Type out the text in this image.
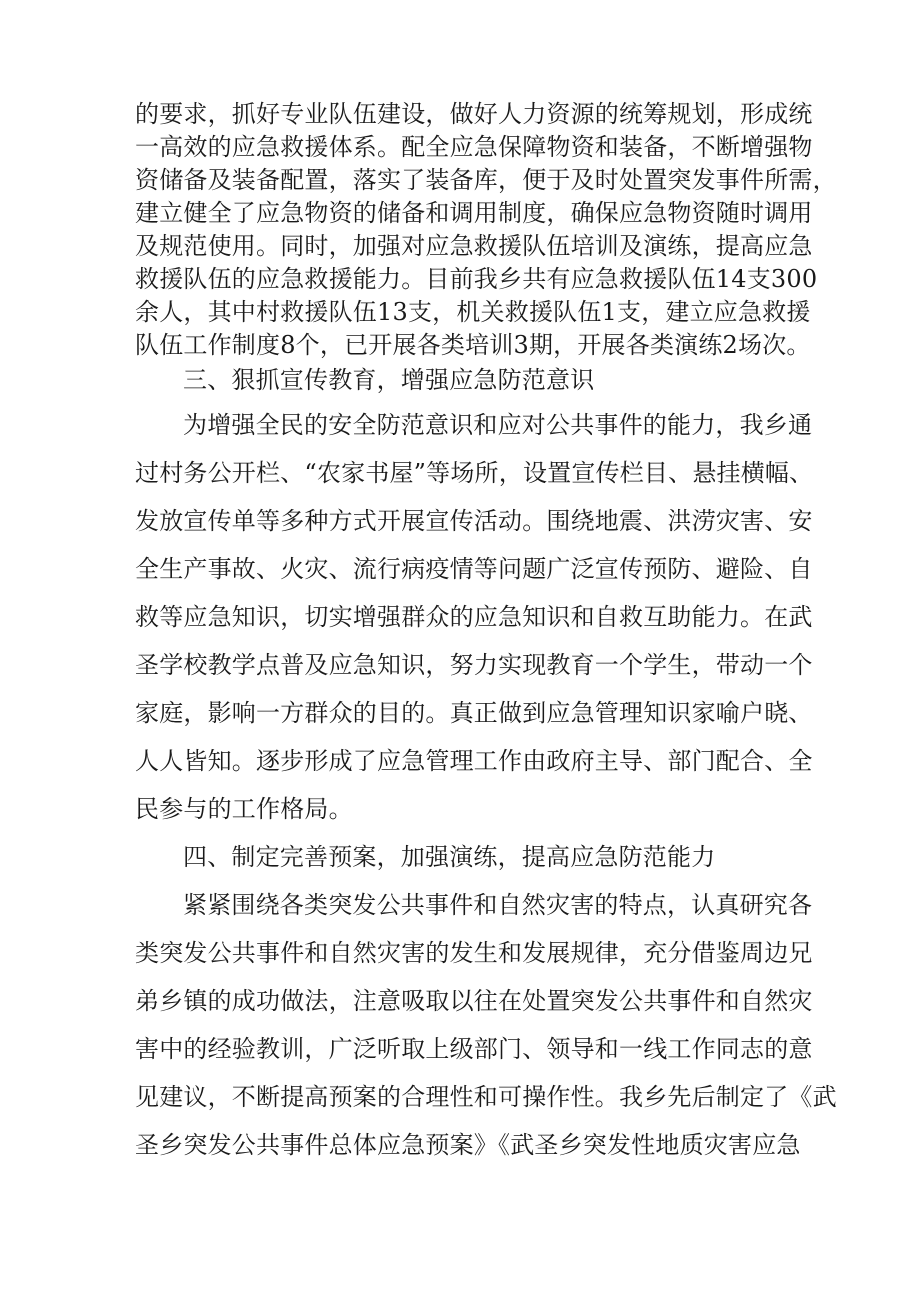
的要求，抓好专业队伍建设，做好人力资源的统筹规划，形成统

一高效的应急救援体系。配全应急保障物资和装备，不断增强物

资储备及装备配置，落实了装备库，便于及时处置突发事件所需，

建立健全了应急物资的储备和调用制度，确保应急物资随时调用

及规范使用。同时，加强对应急救援队伍培训及演练，提高应急

救援队伍的应急救援能力。目前我乡共有应急救援队伍14支300

余人，其中村救援队伍13支，机关救援队伍1支，建立应急救援

队伍工作制度8个，已开展各类培训3期，开展各类演练2场次。

三、狠抓宣传教育，增强应急防范意识

为增强全民的安全防范意识和应对公共事件的能力，我乡通

过村务公开栏、“农家书屋”等场所，设置宣传栏目、悬挂横幅、

发放宣传单等多种方式开展宣传活动。围绕地震、洪涝灾害、安

全生产事故、火灾、流行病疫情等问题广泛宣传预防、避险、自

救等应急知识，切实增强群众的应急知识和自救互助能力。在武

圣学校教学点普及应急知识，努力实现教育一个学生，带动一个

家庭，影响一方群众的目的。真正做到应急管理知识家喻户晓、

人人皆知。逐步形成了应急管理工作由政府主导、部门配合、全

民参与的工作格局。

四、制定完善预案，加强演练，提高应急防范能力

紧紧围绕各类突发公共事件和自然灾害的特点，认真研究各

类突发公共事件和自然灾害的发生和发展规律，充分借鉴周边兄

弟乡镇的成功做法，注意吸取以往在处置突发公共事件和自然灾

害中的经验教训，广泛听取上级部门、领导和一线工作同志的意

见建议，不断提高预案的合理性和可操作性。我乡先后制定了《武

圣乡突发公共事件总体应急预案》《武圣乡突发性地质灾害应急
